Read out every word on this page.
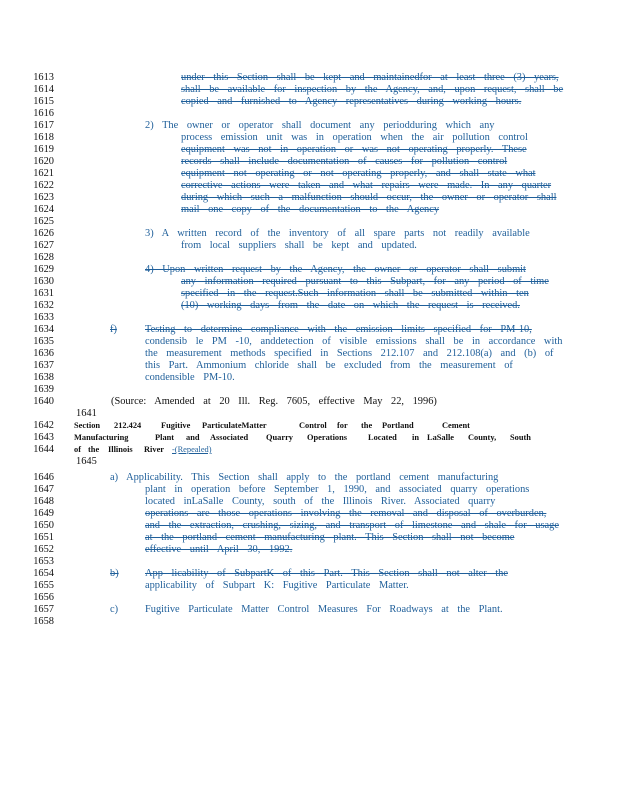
1613	under this Section shall be kept and maintainedfor at least three (3) years,
1614	shall be available for inspection by the Agency, and, upon request, shall be
1615	copied and furnished to Agency representatives during working hours.
1616
1617	2) The owner or operator shall document any periodduring which any
1618	process emission unit was in operation when the air pollution control
1619	equipment was not in operation or was not operating properly. These
1620	records shall include documentation of causes for pollution control
1621	equipment not operating or not operating properly, and shall state what
1622	corrective actions were taken and what repairs were made. In any quarter
1623	during which such a malfunction should occur, the owner or operator shall
1624	mail one copy of the documentation to the Agency
1625
1626	3) A written record of the inventory of all spare parts not readily available
1627	from local suppliers shall be kept and updated.
1628
1629	4) Upon written request by the Agency, the owner or operator shall submit
1630	any information required pursuant to this Subpart, for any period of time
1631	specified in the request.Such information shall be submitted within ten
1632	(10) working days from the date on which the request is received.
1633
1634	f)	Testing to determine compliance with the emission limits specified for PM-10,
1635	condensib le PM -10, anddetection of visible emissions shall be in accordance with
1636	the measurement methods specified in Sections 212.107 and 212.108(a) and (b) of
1637	this Part. Ammonium chloride shall be excluded from the measurement of
1638	condensible PM-10.
1639
1640	(Source: Amended at 20 Ill. Reg. 7605, effective May 22, 1996)
1641
1642 Section 212.424 Fugitive ParticulateMatter	Control for the Portland	Cement
1643 Manufacturing	Plant and Associated Quarry Operations Located in LaSalle County, South
1644 of the Illinois River -(Repealed)
1645
1646	a) Applicability. This Section shall apply to the portland cement manufacturing
1647	plant in operation before September 1, 1990, and associated quarry operations
1648	located inLaSalle County, south of the Illinois River. Associated quarry
1649	operations are those operations involving the removal and disposal of overburden,
1650	and the extraction, crushing, sizing, and transport of limestone and shale for usage
1651	at the portland cement manufacturing plant. This Section shall not become
1652	effective until April 30, 1992.
1653
1654	b)	App licability of SubpartK of this Part. This Section shall not alter the
1655	applicability of Subpart K: Fugitive Particulate Matter.
1656
1657	c)	Fugitive Particulate Matter Control Measures For Roadways at the Plant.
1658
